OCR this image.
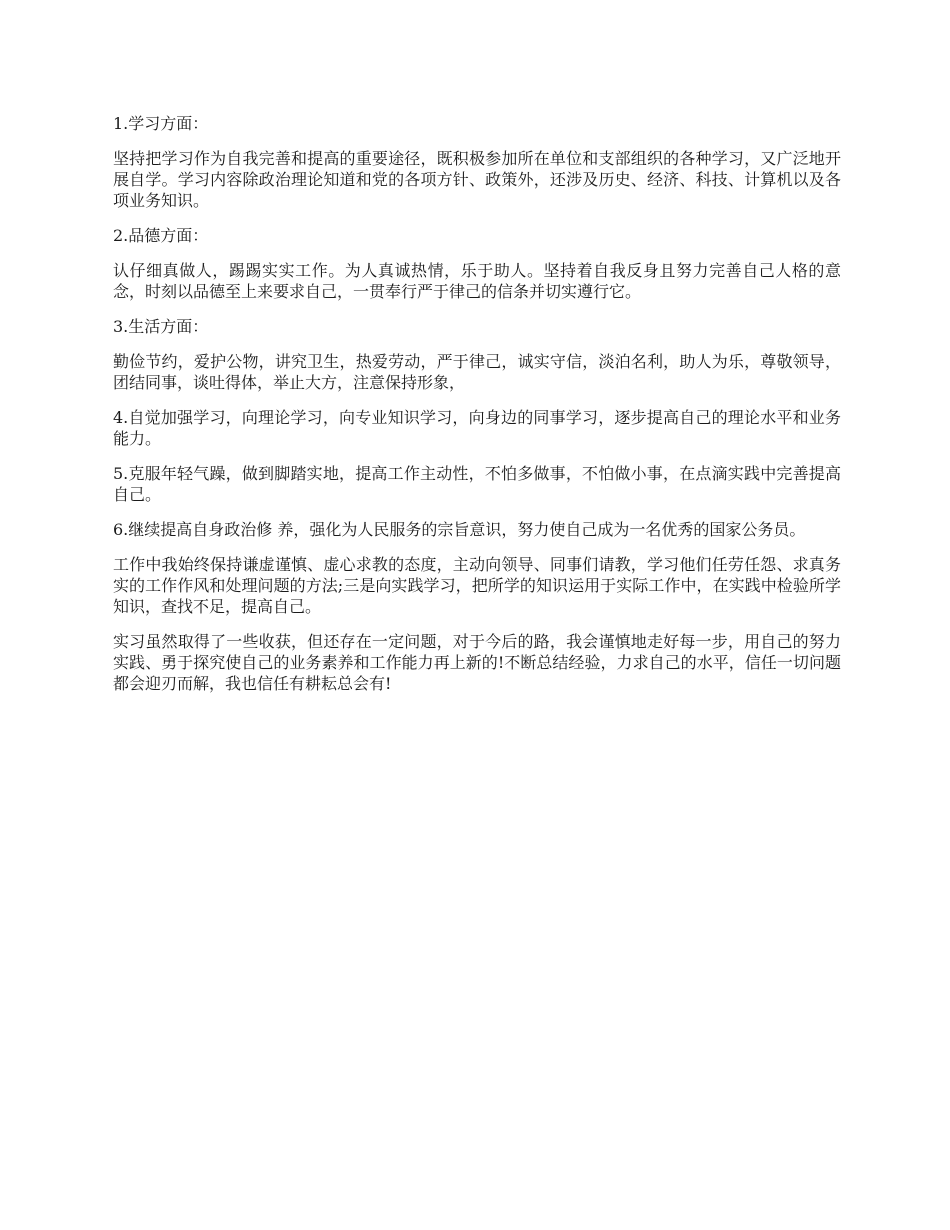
1.学习方面：

坚持把学习作为自我完善和提高的重要途径，既积极参加所在单位和支部组织的各种学习，又广泛地开展自学。学习内容除政治理论知道和党的各项方针、政策外，还涉及历史、经济、科技、计算机以及各项业务知识。

2.品德方面：

认仔细真做人，踢踢实实工作。为人真诚热情，乐于助人。坚持着自我反身且努力完善自己人格的意念，时刻以品德至上来要求自己，一贯奉行严于律己的信条并切实遵行它。

3.生活方面：

勤俭节约，爱护公物，讲究卫生，热爱劳动，严于律己，诚实守信，淡泊名利，助人为乐，尊敬领导，团结同事，谈吐得体，举止大方，注意保持形象，

4.自觉加强学习，向理论学习，向专业知识学习，向身边的同事学习，逐步提高自己的理论水平和业务能力。

5.克服年轻气躁，做到脚踏实地，提高工作主动性，不怕多做事，不怕做小事，在点滴实践中完善提高自己。

6.继续提高自身政治修 养，强化为人民服务的宗旨意识，努力使自己成为一名优秀的国家公务员。

工作中我始终保持谦虚谨慎、虚心求教的态度，主动向领导、同事们请教，学习他们任劳任怨、求真务实的工作作风和处理问题的方法;三是向实践学习，把所学的知识运用于实际工作中，在实践中检验所学知识，查找不足，提高自己。

实习虽然取得了一些收获，但还存在一定问题，对于今后的路，我会谨慎地走好每一步，用自己的努力实践、勇于探究使自己的业务素养和工作能力再上新的!不断总结经验，力求自己的水平，信任一切问题都会迎刃而解，我也信任有耕耘总会有!
